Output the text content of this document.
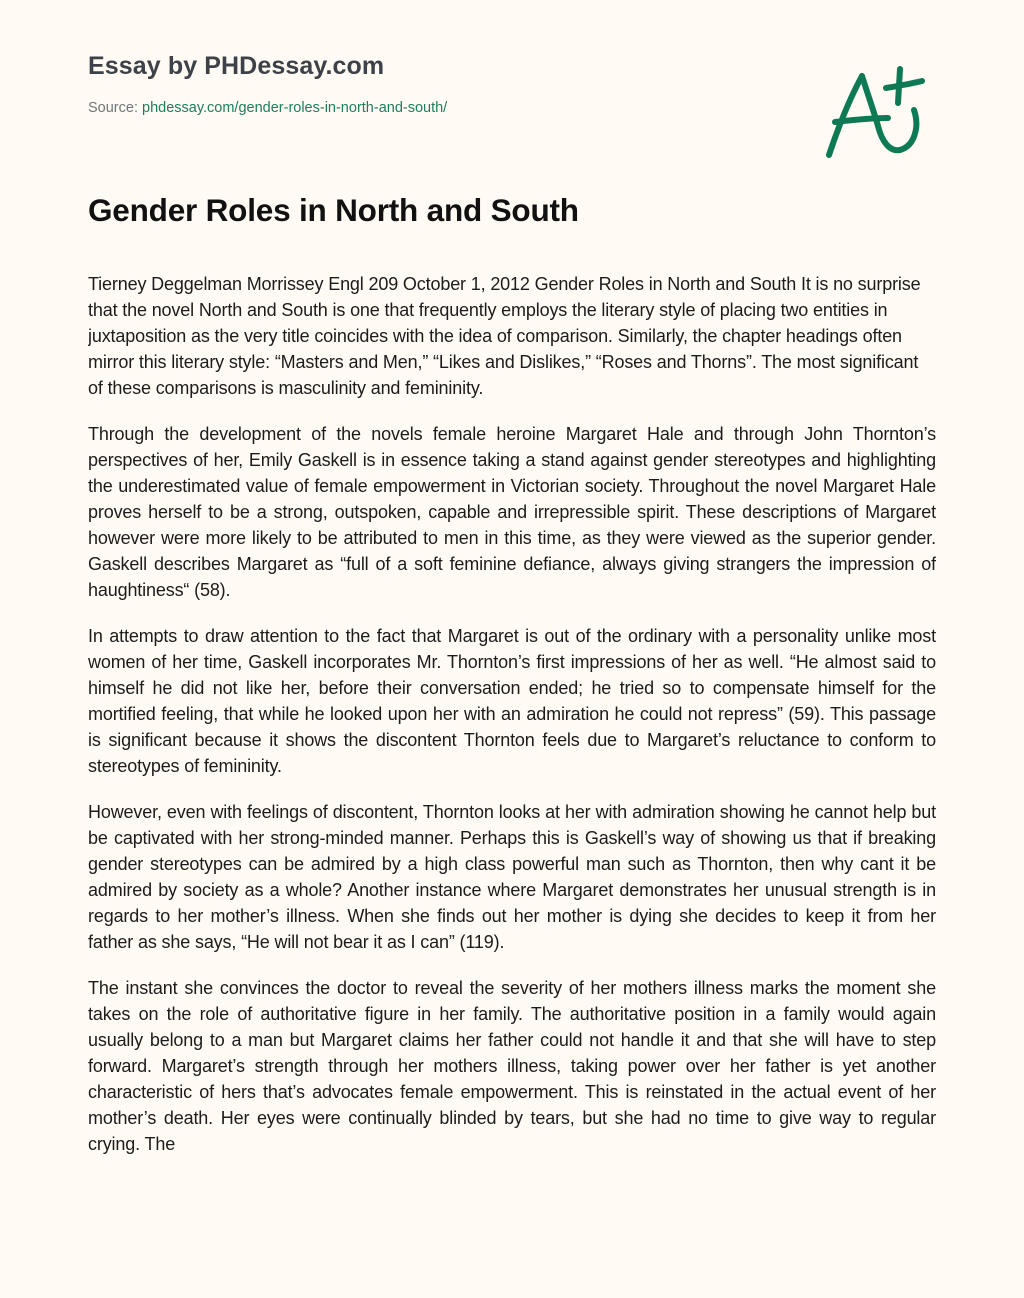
Essay by PHDessay.com
Source: phdessay.com/gender-roles-in-north-and-south/
Gender Roles in North and South

Tierney Deggelman Morrissey Engl 209 October 1, 2012 Gender Roles in North and South It is no surprise that the novel North and South is one that frequently employs the literary style of placing two entities in juxtaposition as the very title coincides with the idea of comparison. Similarly, the chapter headings often mirror this literary style: “Masters and Men,” “Likes and Dislikes,” “Roses and Thorns”. The most significant of these comparisons is masculinity and femininity.

Through the development of the novels female heroine Margaret Hale and through John Thornton’s perspectives of her, Emily Gaskell is in essence taking a stand against gender stereotypes and highlighting the underestimated value of female empowerment in Victorian society. Throughout the novel Margaret Hale proves herself to be a strong, outspoken, capable and irrepressible spirit. These descriptions of Margaret however were more likely to be attributed to men in this time, as they were viewed as the superior gender. Gaskell describes Margaret as “full of a soft feminine defiance, always giving strangers the impression of haughtiness“ (58).

In attempts to draw attention to the fact that Margaret is out of the ordinary with a personality unlike most women of her time, Gaskell incorporates Mr. Thornton’s first impressions of her as well. “He almost said to himself he did not like her, before their conversation ended; he tried so to compensate himself for the mortified feeling, that while he looked upon her with an admiration he could not repress” (59). This passage is significant because it shows the discontent Thornton feels due to Margaret’s reluctance to conform to stereotypes of femininity.

However, even with feelings of discontent, Thornton looks at her with admiration showing he cannot help but be captivated with her strong-minded manner. Perhaps this is Gaskell’s way of showing us that if breaking gender stereotypes can be admired by a high class powerful man such as Thornton, then why cant it be admired by society as a whole? Another instance where Margaret demonstrates her unusual strength is in regards to her mother’s illness. When she finds out her mother is dying she decides to keep it from her father as she says, “He will not bear it as I can” (119).

The instant she convinces the doctor to reveal the severity of her mothers illness marks the moment she takes on the role of authoritative figure in her family. The authoritative position in a family would again usually belong to a man but Margaret claims her father could not handle it and that she will have to step forward. Margaret’s strength through her mothers illness, taking power over her father is yet another characteristic of hers that’s advocates female empowerment. This is reinstated in the actual event of her mother’s death. Her eyes were continually blinded by tears, but she had no time to give way to regular crying. The
